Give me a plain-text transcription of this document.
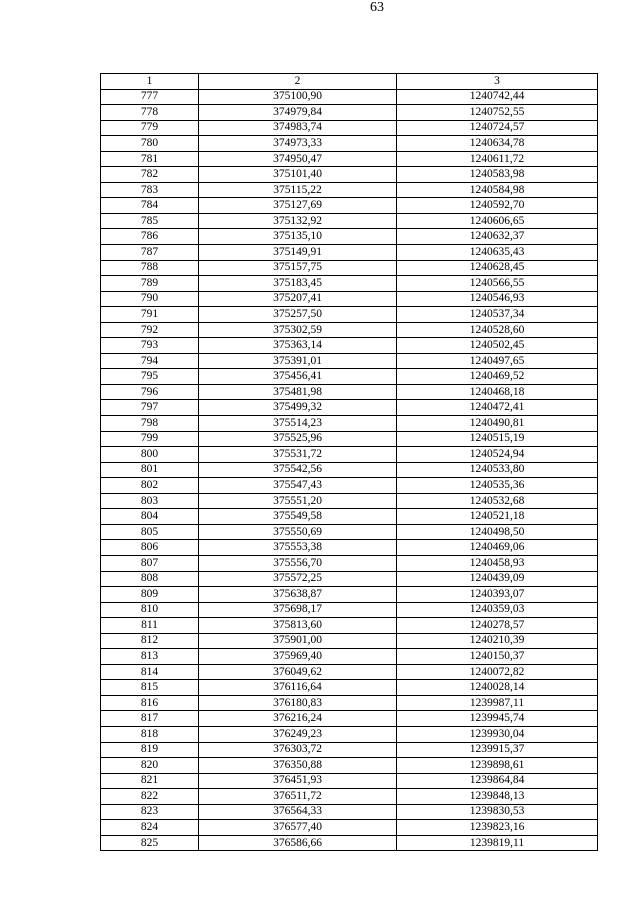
63
1	2	3
777	375100,90	1240742,44
778	374979,84	1240752,55
779	374983,74	1240724,57
780	374973,33	1240634,78
781	374950,47	1240611,72
782	375101,40	1240583,98
783	375115,22	1240584,98
784	375127,69	1240592,70
785	375132,92	1240606,65
786	375135,10	1240632,37
787	375149,91	1240635,43
788	375157,75	1240628,45
789	375183,45	1240566,55
790	375207,41	1240546,93
791	375257,50	1240537,34
792	375302,59	1240528,60
793	375363,14	1240502,45
794	375391,01	1240497,65
795	375456,41	1240469,52
796	375481,98	1240468,18
797	375499,32	1240472,41
798	375514,23	1240490,81
799	375525,96	1240515,19
800	375531,72	1240524,94
801	375542,56	1240533,80
802	375547,43	1240535,36
803	375551,20	1240532,68
804	375549,58	1240521,18
805	375550,69	1240498,50
806	375553,38	1240469,06
807	375556,70	1240458,93
808	375572,25	1240439,09
809	375638,87	1240393,07
810	375698,17	1240359,03
811	375813,60	1240278,57
812	375901,00	1240210,39
813	375969,40	1240150,37
814	376049,62	1240072,82
815	376116,64	1240028,14
816	376180,83	1239987,11
817	376216,24	1239945,74
818	376249,23	1239930,04
819	376303,72	1239915,37
820	376350,88	1239898,61
821	376451,93	1239864,84
822	376511,72	1239848,13
823	376564,33	1239830,53
824	376577,40	1239823,16
825	376586,66	1239819,11
